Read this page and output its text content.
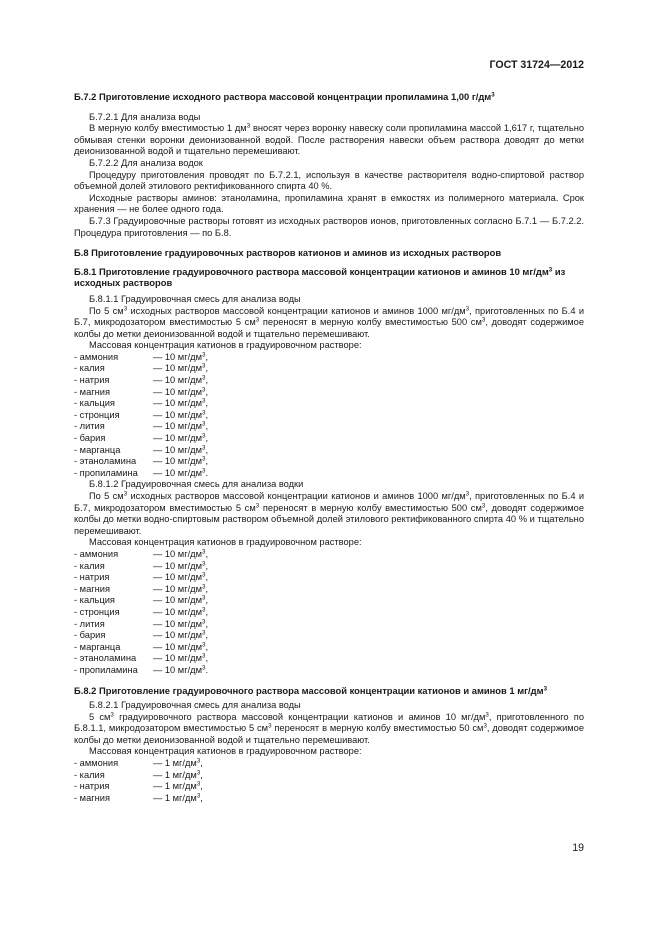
ГОСТ 31724—2012
Б.7.2 Приготовление исходного раствора массовой концентрации пропиламина 1,00 $г/дм^3$

Б.7.2.1 Для анализа воды

В мерную колбу вместимостью 1 $дм^3$ вносят через воронку навеску соли пропиламина массой 1,617 г, тщательно обмывая стенки воронки деионизованной водой. После растворения навески объем раствора доводят до метки деионизованной водой и тщательно перемешивают.

Б.7.2.2 Для анализа водок

Процедуру приготовления проводят по Б.7.2.1, используя в качестве растворителя водно-спиртовой раствор объемной долей этилового ректификованного спирта 40 %.

Исходные растворы аминов: этаноламина, пропиламина хранят в емкостях из полимерного материала. Срок хранения — не более одного года.

Б.7.3 Градуировочные растворы готовят из исходных растворов ионов, приготовленных согласно Б.7.1 — Б.7.2.2. Процедура приготовления — по Б.8.

Б.8 Приготовление градуировочных растворов катионов и аминов из исходных растворов
Б.8.1 Приготовление градуировочного раствора массовой концентрации катионов и аминов 10 $мг/дм^3$ из исходных растворов

Б.8.1.1 Градуировочная смесь для анализа воды

По 5 $см^3$ исходных растворов массовой концентрации катионов и аминов 1000 $мг/дм^3$, приготовленных по Б.4 и Б.7, микродозатором вместимостью 5 $см^3$ переносят в мерную колбу вместимостью 500 $см^3$, доводят содержимое колбы до метки деионизованной водой и тщательно перемешивают.

Массовая концентрация катионов в градуировочном растворе:

- аммония	— 10 $мг/дм^3$,
- калия	— 10 $мг/дм^3$,
- натрия	— 10 $мг/дм^3$,
- магния	— 10 $мг/дм^3$,
- кальция	— 10 $мг/дм^3$,
- стронция	— 10 $мг/дм^3$,
- лития	— 10 $мг/дм^3$,
- бария	— 10 $мг/дм^3$,
- марганца	— 10 $мг/дм^3$,
- этаноламина	— 10 $мг/дм^3$,
- пропиламина	— 10 $мг/дм^3$.

Б.8.1.2 Градуировочная смесь для анализа водки

По 5 $см^3$ исходных растворов массовой концентрации катионов и аминов 1000 $мг/дм^3$, приготовленных по Б.4 и Б.7, микродозатором вместимостью 5 $см^3$ переносят в мерную колбу вместимостью 500 $см^3$, доводят содержимое колбы до метки водно-спиртовым раствором объемной долей этилового ректификованного спирта 40 % и тщательно перемешивают.

Массовая концентрация катионов в градуировочном растворе:

- аммония	— 10 $мг/дм^3$,
- калия	— 10 $мг/дм^3$,
- натрия	— 10 $мг/дм^3$,
- магния	— 10 $мг/дм^3$,
- кальция	— 10 $мг/дм^3$,
- стронция	— 10 $мг/дм^3$,
- лития	— 10 $мг/дм^3$,
- бария	— 10 $мг/дм^3$,
- марганца	— 10 $мг/дм^3$,
- этаноламина	— 10 $мг/дм^3$,
- пропиламина	— 10 $мг/дм^3$.
Б.8.2 Приготовление градуировочного раствора массовой концентрации катионов и аминов 1 $мг/дм^3$

Б.8.2.1 Градуировочная смесь для анализа воды

5 $см^3$ градуировочного раствора массовой концентрации катионов и аминов 10 $мг/дм^3$, приготовленного по Б.8.1.1, микродозатором вместимостью 5 $см^3$ переносят в мерную колбу вместимостью 50 $см^3$, доводят содержимое колбы до метки деионизованной водой и тщательно перемешивают.

Массовая концентрация катионов в градуировочном растворе:

- аммония	— 1 $мг/дм^3$,
- калия	— 1 $мг/дм^3$,
- натрия	— 1 $мг/дм^3$,
- магния	— 1 $мг/дм^3$,
19
